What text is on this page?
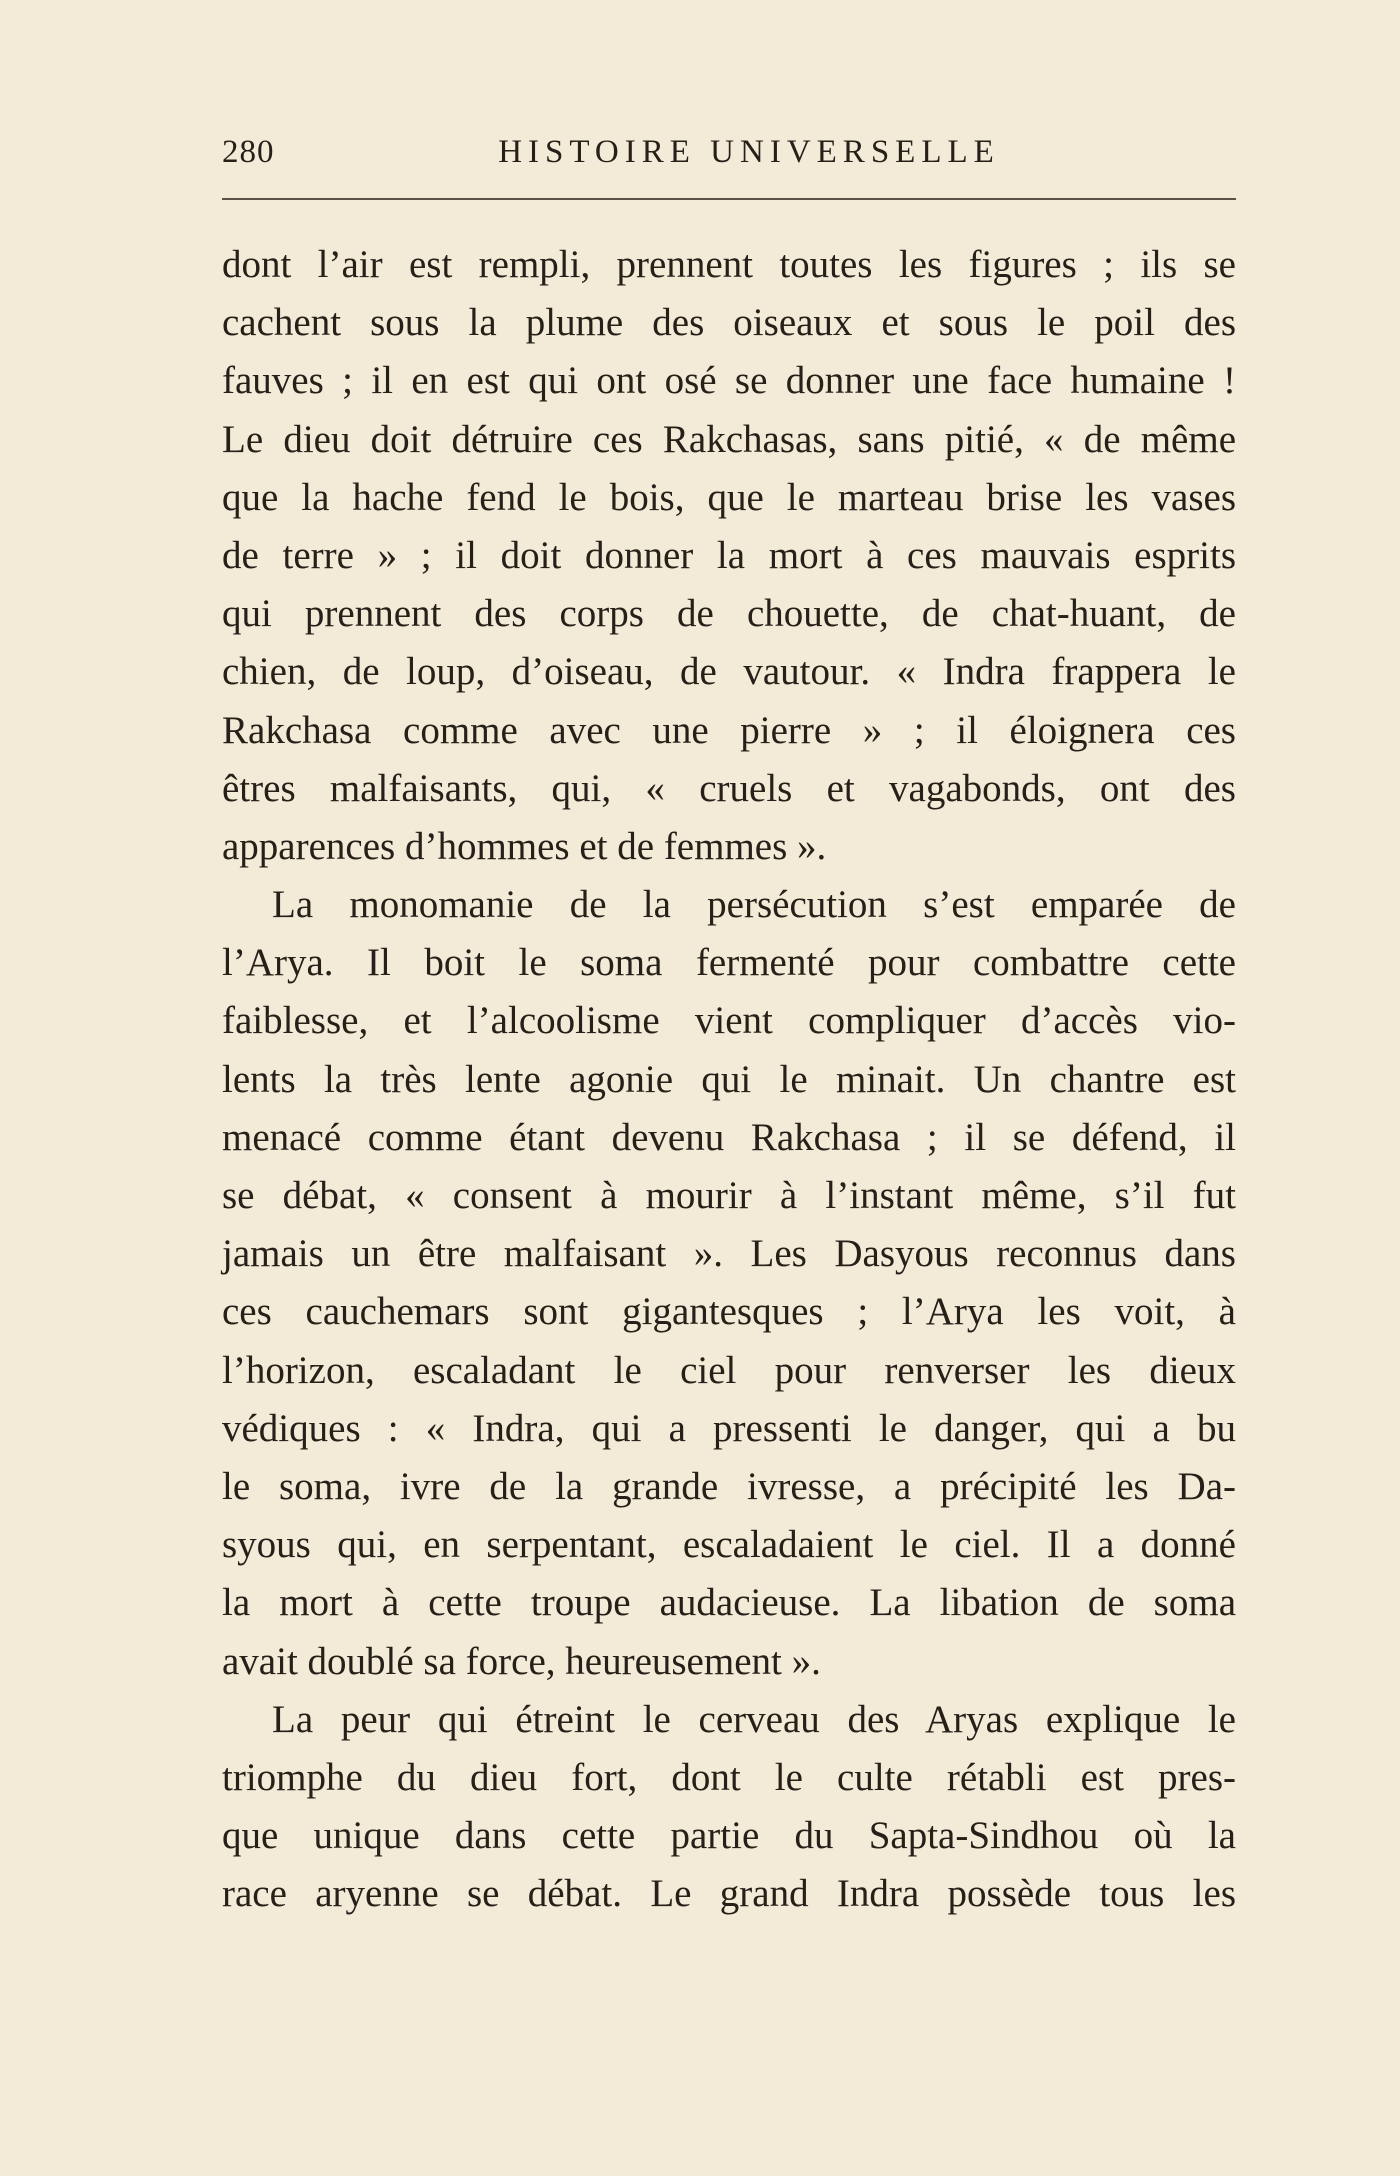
280	HISTOIRE UNIVERSELLE
dont l’air est rempli, prennent toutes les figures ; ils se
cachent sous la plume des oiseaux et sous le poil des
fauves ; il en est qui ont osé se donner une face humaine !
Le dieu doit détruire ces Rakchasas, sans pitié, « de même
que la hache fend le bois, que le marteau brise les vases
de terre » ; il doit donner la mort à ces mauvais esprits
qui prennent des corps de chouette, de chat-huant, de
chien, de loup, d’oiseau, de vautour. « Indra frappera le
Rakchasa comme avec une pierre » ; il éloignera ces
êtres malfaisants, qui, « cruels et vagabonds, ont des
apparences d’hommes et de femmes ».
La monomanie de la persécution s’est emparée de
l’Arya. Il boit le soma fermenté pour combattre cette
faiblesse, et l’alcoolisme vient compliquer d’accès vio-
lents la très lente agonie qui le minait. Un chantre est
menacé comme étant devenu Rakchasa ; il se défend, il
se débat, « consent à mourir à l’instant même, s’il fut
jamais un être malfaisant ». Les Dasyous reconnus dans
ces cauchemars sont gigantesques ; l’Arya les voit, à
l’horizon, escaladant le ciel pour renverser les dieux
védiques : « Indra, qui a pressenti le danger, qui a bu
le soma, ivre de la grande ivresse, a précipité les Da-
syous qui, en serpentant, escaladaient le ciel. Il a donné
la mort à cette troupe audacieuse. La libation de soma
avait doublé sa force, heureusement ».
La peur qui étreint le cerveau des Aryas explique le
triomphe du dieu fort, dont le culte rétabli est pres-
que unique dans cette partie du Sapta-Sindhou où la
race aryenne se débat. Le grand Indra possède tous les
